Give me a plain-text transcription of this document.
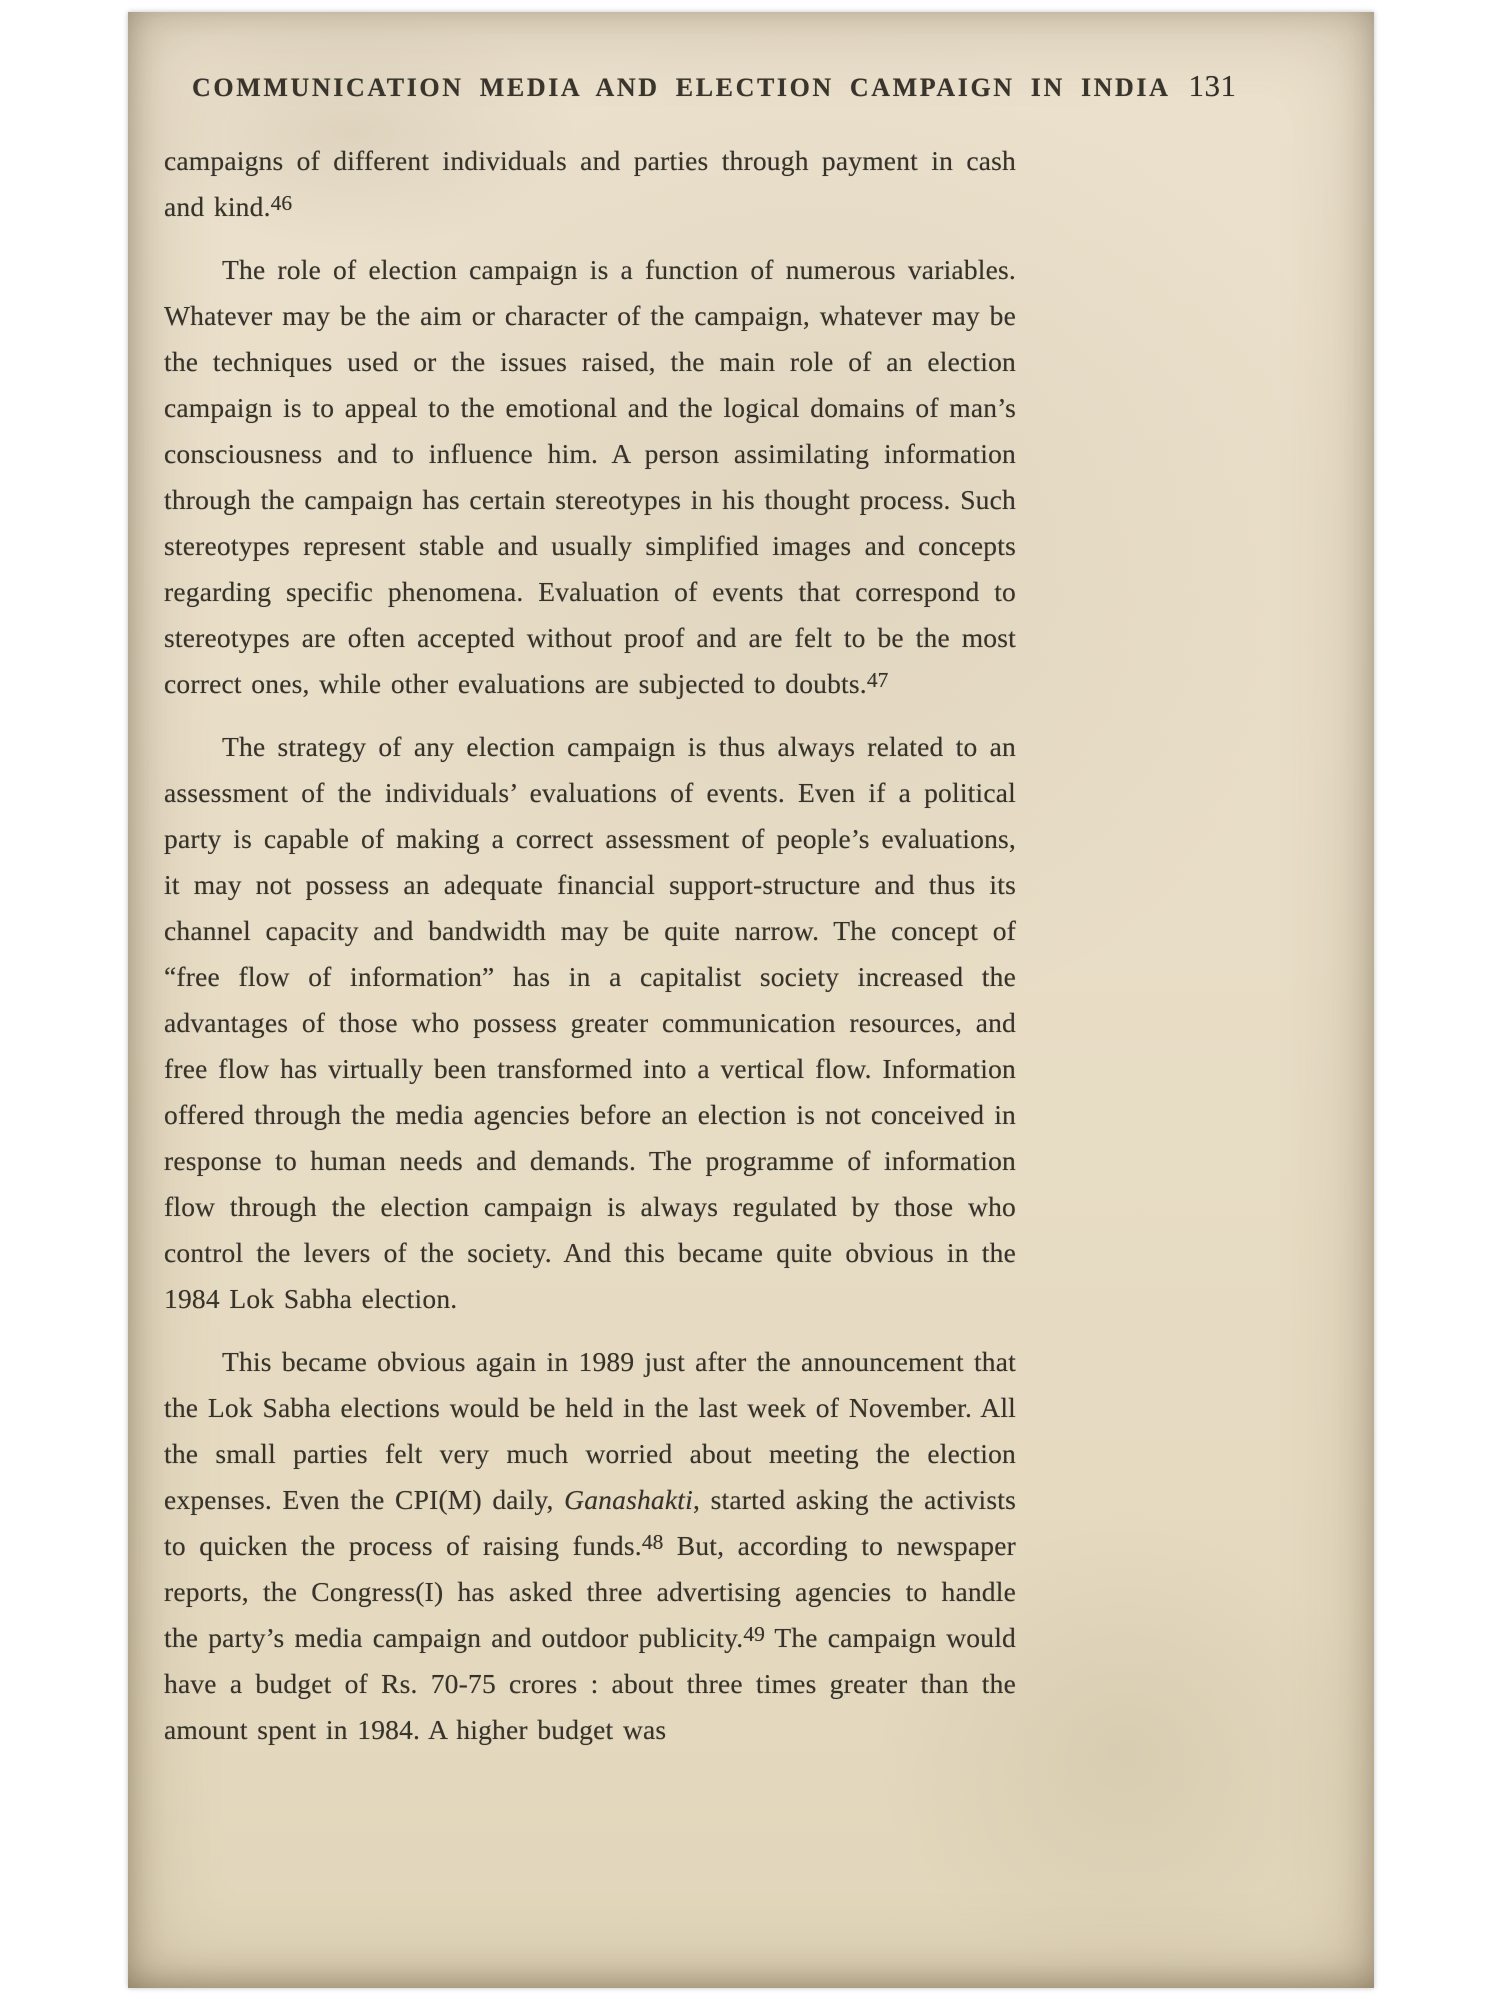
COMMUNICATION MEDIA AND ELECTION CAMPAIGN IN INDIA 131

campaigns of different individuals and parties through payment in cash and kind.$^{46}$

The role of election campaign is a function of numerous variables. Whatever may be the aim or character of the campaign, whatever may be the techniques used or the issues raised, the main role of an election campaign is to appeal to the emotional and the logical domains of man’s consciousness and to influence him. A person assimilating information through the campaign has certain stereotypes in his thought process. Such stereotypes represent stable and usually simplified images and concepts regarding specific phenomena. Evaluation of events that correspond to stereotypes are often accepted without proof and are felt to be the most correct ones, while other evaluations are subjected to doubts.$^{47}$

The strategy of any election campaign is thus always related to an assessment of the individuals’ evaluations of events. Even if a political party is capable of making a correct assessment of people’s evaluations, it may not possess an adequate financial support-structure and thus its channel capacity and bandwidth may be quite narrow. The concept of “free flow of information” has in a capitalist society increased the advantages of those who possess greater communication resources, and free flow has virtually been transformed into a vertical flow. Information offered through the media agencies before an election is not conceived in response to human needs and demands. The programme of information flow through the election campaign is always regulated by those who control the levers of the society. And this became quite obvious in the 1984 Lok Sabha election.

This became obvious again in 1989 just after the announcement that the Lok Sabha elections would be held in the last week of November. All the small parties felt very much worried about meeting the election expenses. Even the CPI(M) daily, Ganashakti, started asking the activists to quicken the process of raising funds.$^{48}$ But, according to newspaper reports, the Congress(I) has asked three advertising agencies to handle the party’s media campaign and outdoor publicity.$^{49}$ The campaign would have a budget of Rs. 70-75 crores : about three times greater than the amount spent in 1984. A higher budget was
